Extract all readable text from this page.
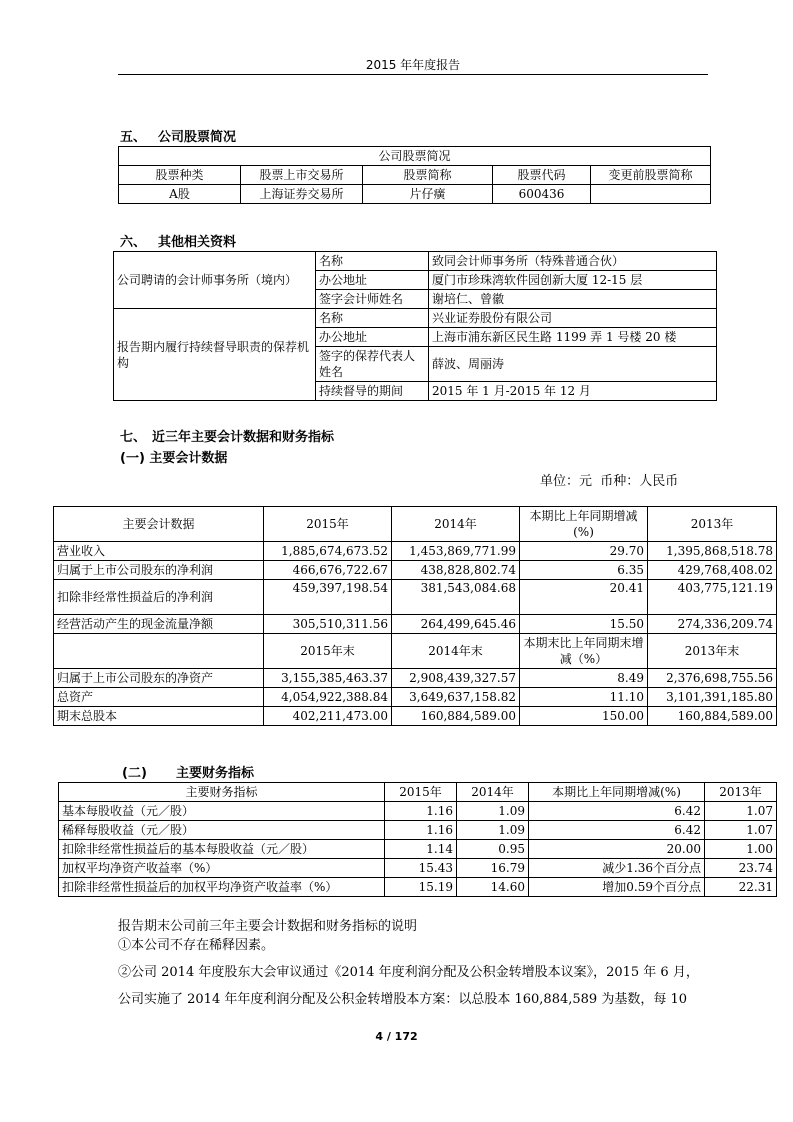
2015 年年度报告
五、 公司股票简况
公司股票简况				
股票种类	股票上市交易所	股票简称	股票代码	变更前股票简称
A股	上海证券交易所	片仔癀	600436	
六、 其他相关资料
公司聘请的会计师事务所（境内）	名称	致同会计师事务所（特殊普通合伙）
	办公地址	厦门市珍珠湾软件园创新大厦 12-15 层
	签字会计师姓名	谢培仁、曾徽
报告期内履行持续督导职责的保荐机构	名称	兴业证券股份有限公司
	办公地址	上海市浦东新区民生路 1199 弄 1 号楼 20 楼
	签字的保荐代表人姓名	薛波、周丽涛
	持续督导的期间	2015 年 1 月-2015 年 12 月
七、 近三年主要会计数据和财务指标
(一) 主要会计数据
单位：元  币种：人民币
主要会计数据	2015年	2014年	本期比上年同期增减(%)	2013年
营业收入	1,885,674,673.52	1,453,869,771.99	29.70	1,395,868,518.78
归属于上市公司股东的净利润	466,676,722.67	438,828,802.74	6.35	429,768,408.02
扣除非经常性损益后的净利润	459,397,198.54	381,543,084.68	20.41	403,775,121.19
经营活动产生的现金流量净额	305,510,311.56	264,499,645.46	15.50	274,336,209.74
	2015年末	2014年末	本期末比上年同期末增减（%）	2013年末
归属于上市公司股东的净资产	3,155,385,463.37	2,908,439,327.57	8.49	2,376,698,755.56
总资产	4,054,922,388.84	3,649,637,158.82	11.10	3,101,391,185.80
期末总股本	402,211,473.00	160,884,589.00	150.00	160,884,589.00
(二) 主要财务指标
主要财务指标	2015年	2014年	本期比上年同期增减(%)	2013年
基本每股收益（元／股）	1.16	1.09	6.42	1.07
稀释每股收益（元／股）	1.16	1.09	6.42	1.07
扣除非经常性损益后的基本每股收益（元／股）	1.14	0.95	20.00	1.00
加权平均净资产收益率（%）	15.43	16.79	减少1.36个百分点	23.74
扣除非经常性损益后的加权平均净资产收益率（%）	15.19	14.60	增加0.59个百分点	22.31
报告期末公司前三年主要会计数据和财务指标的说明
①本公司不存在稀释因素。
②公司 2014 年度股东大会审议通过《2014 年度利润分配及公积金转增股本议案》，2015 年 6 月，
公司实施了 2014 年年度利润分配及公积金转增股本方案：以总股本 160,884,589 为基数，每 10
4 / 172
